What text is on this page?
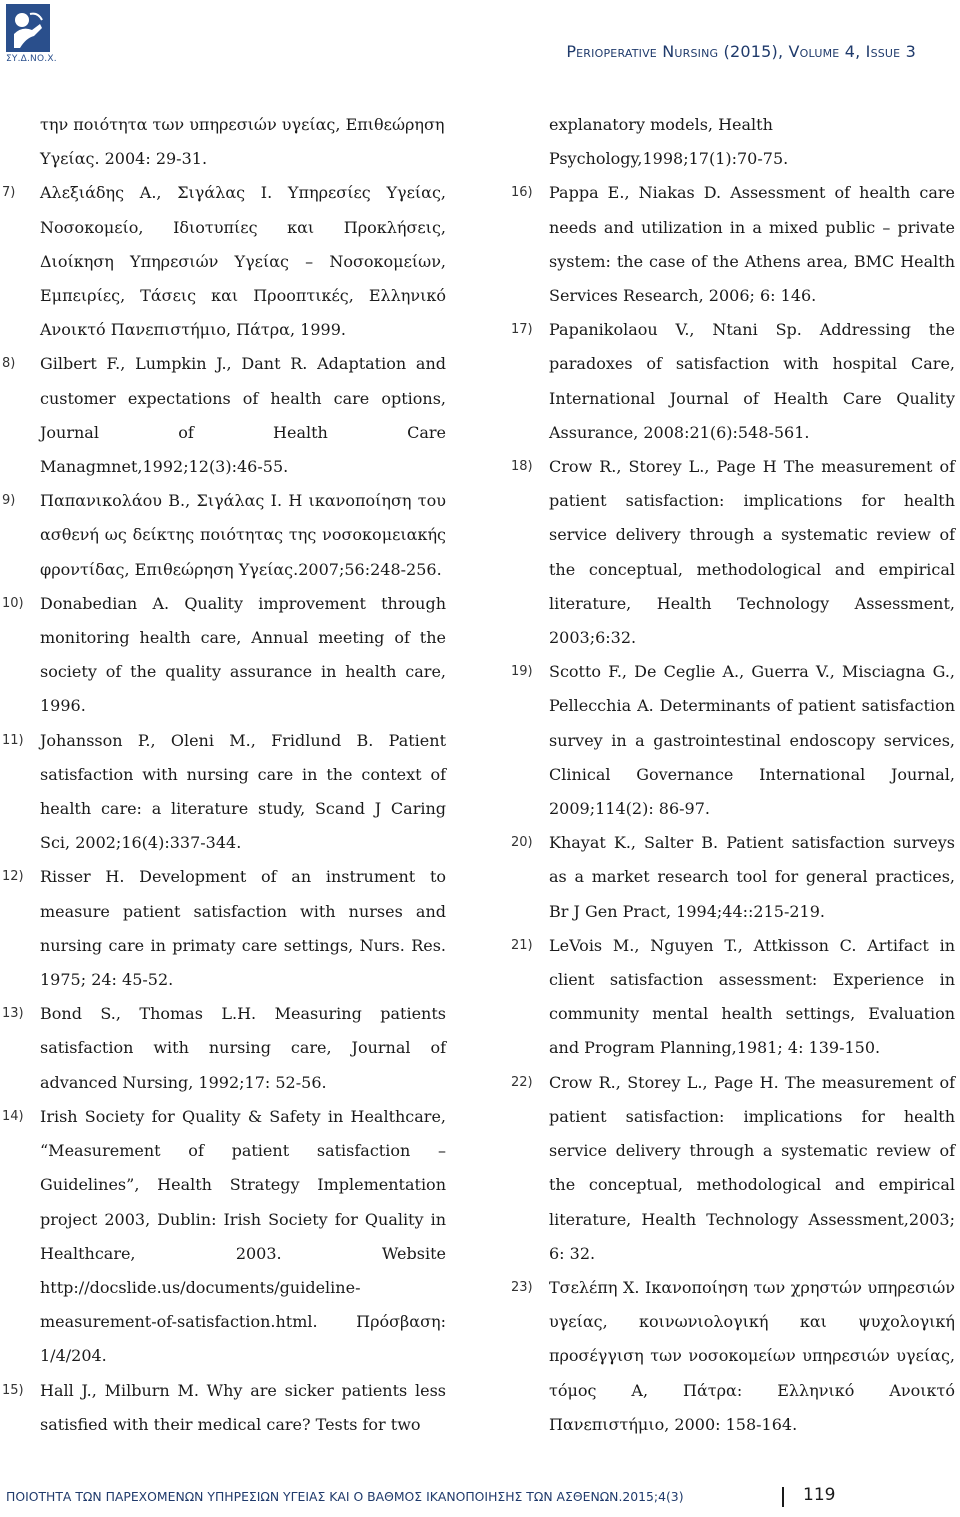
ΣΥ.Δ.ΝΟ.Χ.	Perioperative Nursing (2015), Volume 4, Issue 3
την ποιότητα των υπηρεσιών υγείας, Επιθεώρηση Υγείας. 2004: 29-31.
7)	Αλεξιάδης Α., Σιγάλας Ι. Υπηρεσίες Υγείας, Νοσοκομείο, Ιδιοτυπίες και Προκλήσεις, Διοίκηση Υπηρεσιών Υγείας – Νοσοκομείων, Εμπειρίες, Τάσεις και Προοπτικές, Ελληνικό Ανοικτό Πανεπιστήμιο, Πάτρα, 1999.
8)	Gilbert F., Lumpkin J., Dant R. Adaptation and customer expectations of health care options, Journal of Health Care Managmnet,1992;12(3):46-55.
9)	Παπανικολάου Β., Σιγάλας Ι. Η ικανοποίηση του ασθενή ως δείκτης ποιότητας της νοσοκομειακής φροντίδας, Επιθεώρηση Υγείας.2007;56:248-256.
10)	Donabedian A. Quality improvement through monitoring health care, Annual meeting of the society of the quality assurance in health care, 1996.
11)	Johansson P., Oleni M., Fridlund B. Patient satisfaction with nursing care in the context of health care: a literature study, Scand J Caring Sci, 2002;16(4):337-344.
12)	Risser H. Development of an instrument to measure patient satisfaction with nurses and nursing care in primaty care settings, Nurs. Res. 1975; 24: 45-52.
13)	Bond S., Thomas L.H. Measuring patients satisfaction with nursing care, Journal of advanced Nursing, 1992;17: 52-56.
14)	Irish Society for Quality & Safety in Healthcare, “Measurement of patient satisfaction – Guidelines”, Health Strategy Implementation project 2003, Dublin: Irish Society for Quality in Healthcare, 2003. Website http://docslide.us/documents/guideline-measurement-of-satisfaction.html. Πρόσβαση: 1/4/204.
15)	Hall J., Milburn M. Why are sicker patients less satisfied with their medical care? Tests for two
explanatory models, Health Psychology,1998;17(1):70-75.
16)	Pappa E., Niakas D. Assessment of health care needs and utilization in a mixed public – private system: the case of the Athens area, BMC Health Services Research, 2006; 6: 146.
17)	Papanikolaou V., Ntani Sp. Addressing the paradoxes of satisfaction with hospital Care, International Journal of Health Care Quality Assurance, 2008:21(6):548-561.
18)	Crow R., Storey L., Page H The measurement of patient satisfaction: implications for health service delivery through a systematic review of the conceptual, methodological and empirical literature, Health Technology Assessment, 2003;6:32.
19)	Scotto F., De Ceglie A., Guerra V., Misciagna G., Pellecchia A. Determinants of patient satisfaction survey in a gastrointestinal endoscopy services, Clinical Governance International Journal, 2009;114(2): 86-97.
20)	Khayat K., Salter B. Patient satisfaction surveys as a market research tool for general practices, Br J Gen Pract, 1994;44::215-219.
21)	LeVois M., Nguyen T., Attkisson C. Artifact in client satisfaction assessment: Experience in community mental health settings, Evaluation and Program Planning,1981; 4: 139-150.
22)	Crow R., Storey L., Page H. The measurement of patient satisfaction: implications for health service delivery through a systematic review of the conceptual, methodological and empirical literature, Health Technology Assessment,2003; 6: 32.
23)	Τσελέπη Χ. Ικανοποίηση των χρηστών υπηρεσιών υγείας, κοινωνιολογική και ψυχολογική προσέγγιση των νοσοκομείων υπηρεσιών υγείας, τόμος Α, Πάτρα: Ελληνικό Ανοικτό Πανεπιστήμιο, 2000: 158-164.
ΠΟΙΟΤΗΤΑ ΤΩΝ ΠΑΡΕΧΟΜΕΝΩΝ ΥΠΗΡΕΣΙΩΝ ΥΓΕΙΑΣ ΚΑΙ Ο ΒΑΘΜΟΣ ΙΚΑΝΟΠΟΙΗΣΗΣ ΤΩΝ ΑΣΘΕΝΩΝ.2015;4(3)	119
